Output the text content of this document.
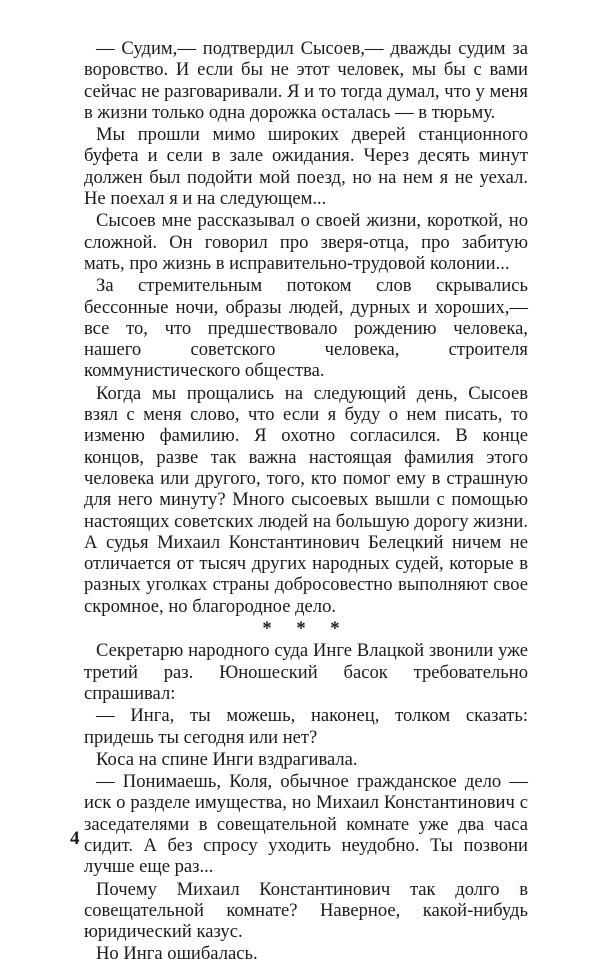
— Судим,— подтвердил Сысоев,— дважды судим за воровство. И если бы не этот человек, мы бы с вами сейчас не разговаривали. Я и то тогда думал, что у меня в жизни только одна дорожка осталась — в тюрьму.

Мы прошли мимо широких дверей станционного буфета и сели в зале ожидания. Через десять минут должен был подойти мой поезд, но на нем я не уехал. Не поехал я и на следующем...

Сысоев мне рассказывал о своей жизни, короткой, но сложной. Он говорил про зверя-отца, про забитую мать, про жизнь в исправительно-трудовой колонии...

За стремительным потоком слов скрывались бессонные ночи, образы людей, дурных и хороших,— все то, что предшествовало рождению человека, нашего советского человека, строителя коммунистического общества.

Когда мы прощались на следующий день, Сысоев взял с меня слово, что если я буду о нем писать, то изменю фамилию. Я охотно согласился. В конце концов, разве так важна настоящая фамилия этого человека или другого, того, кто помог ему в страшную для него минуту? Много сысоевых вышли с помощью настоящих советских людей на большую дорогу жизни. А судья Михаил Константинович Белецкий ничем не отличается от тысяч других народных судей, которые в разных уголках страны добросовестно выполняют свое скромное, но благородное дело.

* * *

Секретарю народного суда Инге Влацкой звонили уже третий раз. Юношеский басок требовательно спрашивал:

— Инга, ты можешь, наконец, толком сказать: придешь ты сегодня или нет?

Коса на спине Инги вздрагивала.

— Понимаешь, Коля, обычное гражданское дело — иск о разделе имущества, но Михаил Константинович с заседателями в совещательной комнате уже два часа сидит. А без спросу уходить неудобно. Ты позвони лучше еще раз...

Почему Михаил Константинович так долго в совещательной комнате? Наверное, какой-нибудь юридический казус.

Но Инга ошибалась.

4
